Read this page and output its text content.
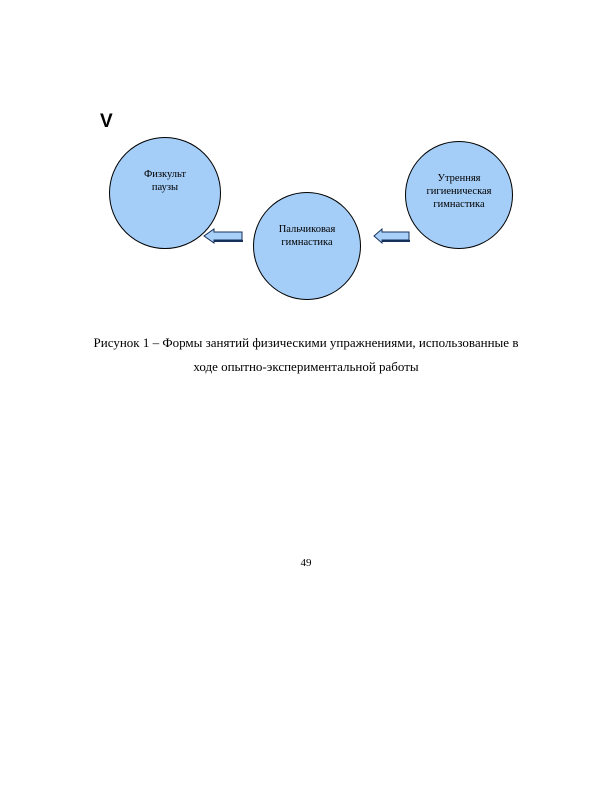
V
Физкульт
паузы
Пальчиковая
гимнастика
Утренняя
гигиеническая
гимнастика
Рисунок 1 – Формы занятий физическими упражнениями, использованные в
ходе опытно-экспериментальной работы
49
